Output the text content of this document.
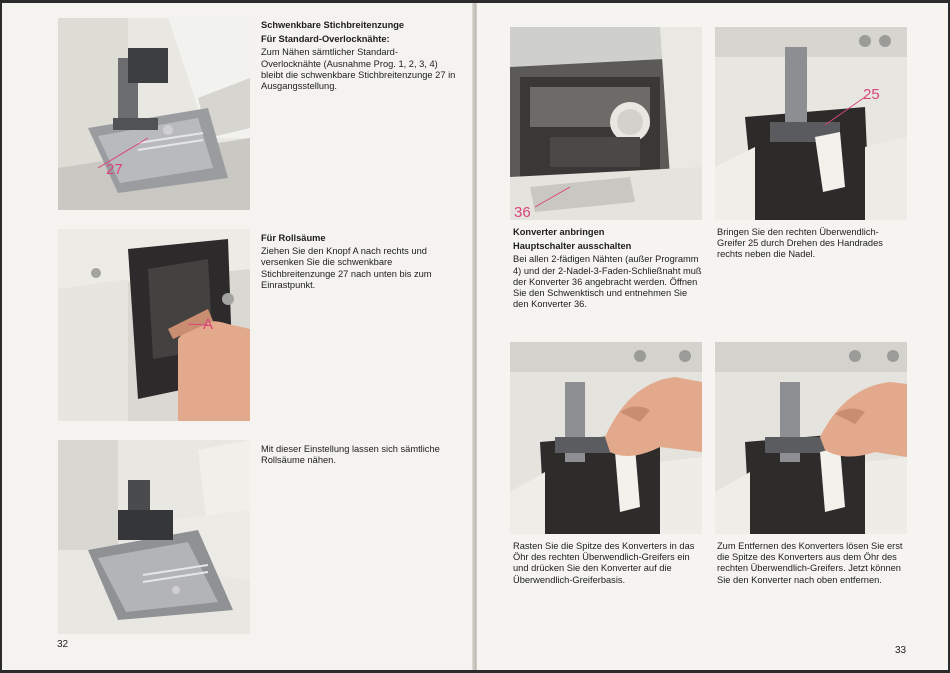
27
Schwenkbare Stichbreitenzunge
Für Standard-Overlocknähte:

Zum Nähen sämtlicher Standard-Overlocknähte (Ausnahme Prog. 1, 2, 3, 4) bleibt die schwenkbare Stichbreitenzunge 27 in Ausgangsstellung.

A
Für Rollsäume

Ziehen Sie den Knopf A nach rechts und versenken Sie die schwenkbare Stichbreitenzunge 27 nach unten bis zum Einrastpunkt.

Mit dieser Einstellung lassen sich sämtliche Rollsäume nähen.

32
36
25
Konverter anbringen
Hauptschalter ausschalten

Bei allen 2-fädigen Nähten (außer Programm 4) und der 2-Nadel-3-Faden-Schließnaht muß der Konverter 36 angebracht werden. Öffnen Sie den Schwenktisch und entnehmen Sie den Konverter 36.

Bringen Sie den rechten Überwendlich-Greifer 25 durch Drehen des Handrades rechts neben die Nadel.

Rasten Sie die Spitze des Konverters in das Öhr des rechten Überwendlich-Greifers ein und drücken Sie den Konverter auf die Überwendlich-Greiferbasis.

Zum Entfernen des Konverters lösen Sie erst die Spitze des Konverters aus dem Öhr des rechten Überwendlich-Greifers. Jetzt können Sie den Konverter nach oben entfernen.

33
